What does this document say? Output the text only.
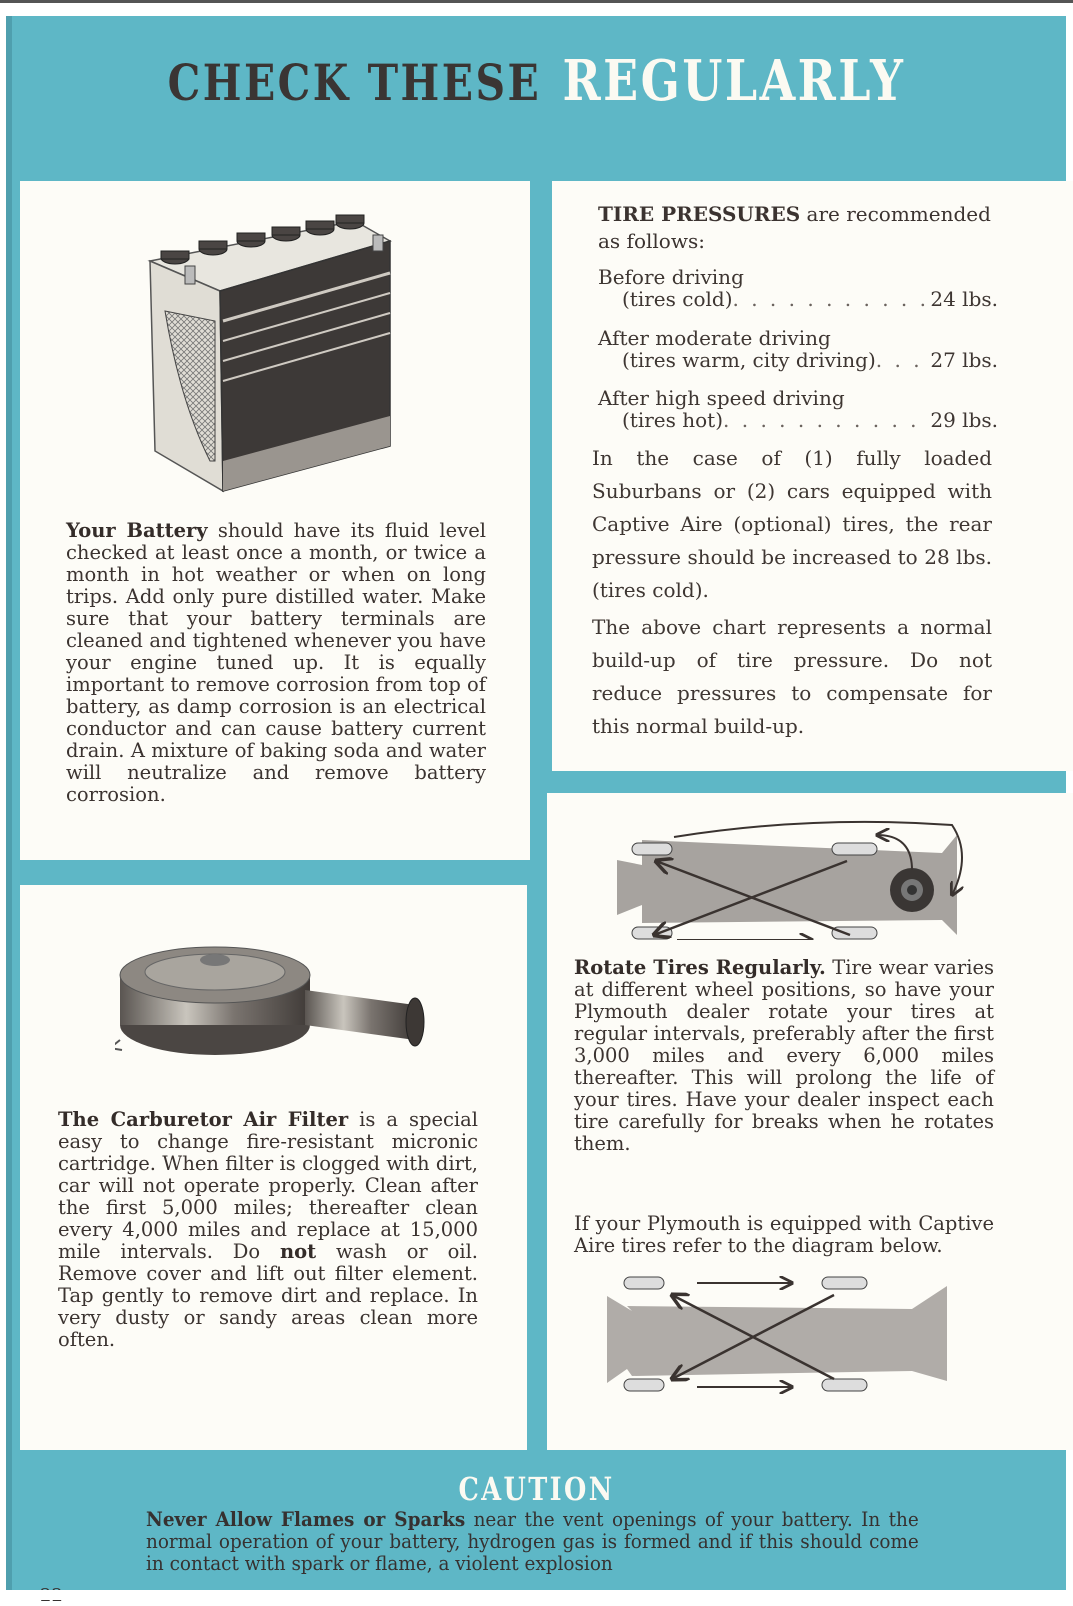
CHECK THESE REGULARLY
Your Battery should have its fluid level checked at least once a month, or twice a month in hot weather or when on long trips. Add only pure distilled water. Make sure that your battery terminals are cleaned and tightened whenever you have your engine tuned up. It is equally important to remove corrosion from top of battery, as damp corrosion is an electrical conductor and can cause battery current drain. A mixture of baking soda and water will neutralize and remove battery corrosion.
TIRE PRESSURES are recommended as follows:
Before driving
(tires cold) . . .	24 lbs.
After moderate driving
(tires warm, city driving) . . .	27 lbs.
After high speed driving
(tires hot) . . .	29 lbs.
In the case of (1) fully loaded Suburbans or (2) cars equipped with Captive Aire (optional) tires, the rear pressure should be increased to 28 lbs. (tires cold).
The above chart represents a normal build-up of tire pressure. Do not reduce pressures to compensate for this normal build-up.
The Carburetor Air Filter is a special easy to change fire-resistant micronic cartridge. When filter is clogged with dirt, car will not operate properly. Clean after the first 5,000 miles; thereafter clean every 4,000 miles and replace at 15,000 mile intervals. Do not wash or oil. Remove cover and lift out filter element. Tap gently to remove dirt and replace. In very dusty or sandy areas clean more often.
Rotate Tires Regularly. Tire wear varies at different wheel positions, so have your Plymouth dealer rotate your tires at regular intervals, preferably after the first 3,000 miles and every 6,000 miles thereafter. This will prolong the life of your tires. Have your dealer inspect each tire carefully for breaks when he rotates them.
If your Plymouth is equipped with Captive Aire tires refer to the diagram below.
CAUTION
Never Allow Flames or Sparks near the vent openings of your battery. In the normal operation of your battery, hydrogen gas is formed and if this should come in contact with spark or flame, a violent explosion
